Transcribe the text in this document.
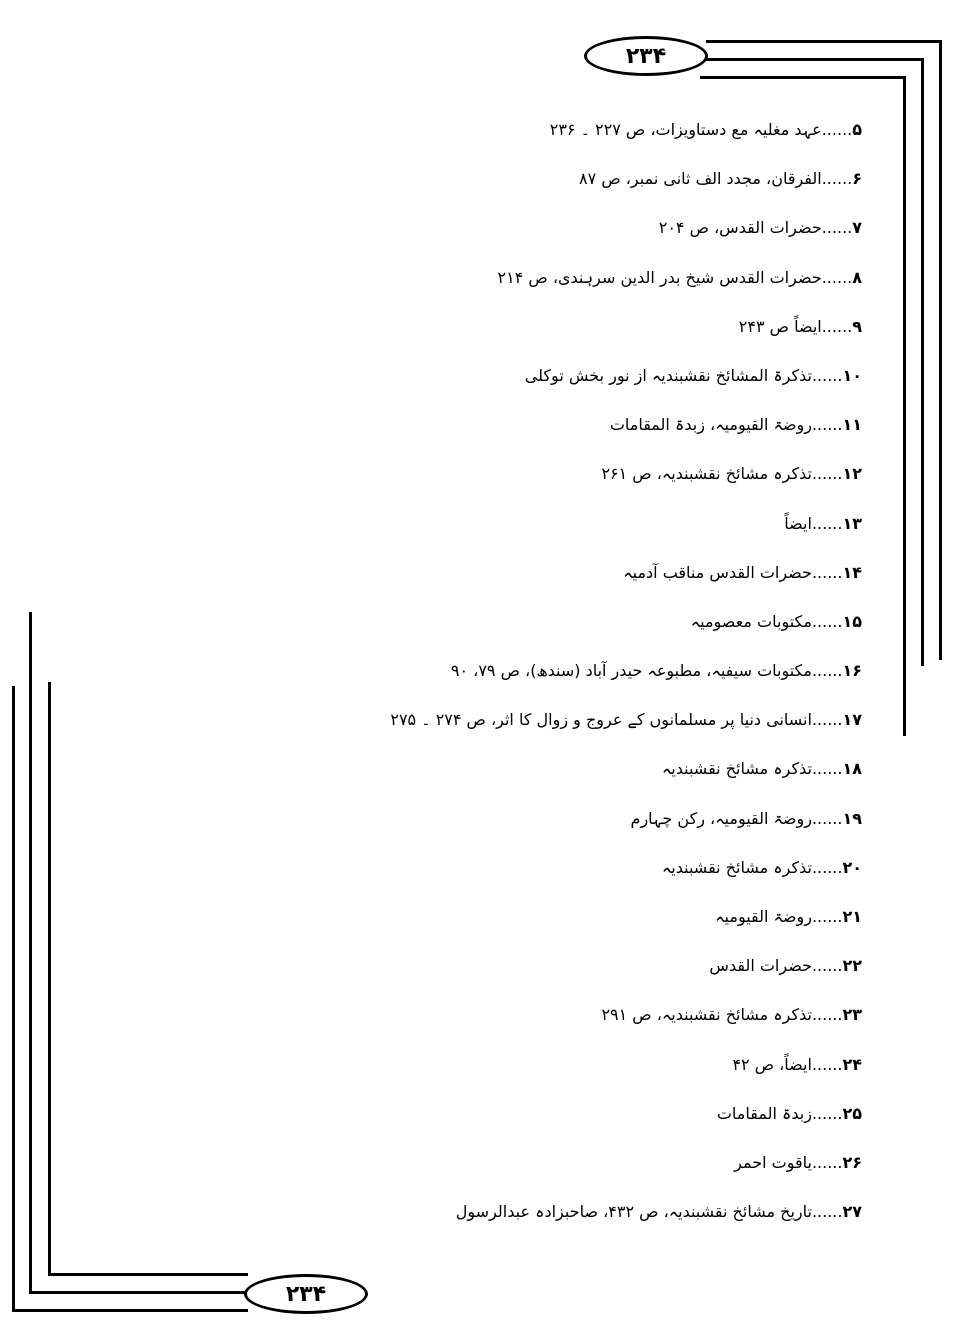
۲۳۴
۲۳۴
۵......عہد مغلیہ مع دستاویزات، ص ۲۲۷ ۔ ۲۳۶
۶......الفرقان، مجدد الف ثانی نمبر، ص ۸۷
۷......حضرات القدس، ص ۲۰۴
۸......حضرات القدس شیخ بدر الدین سرہندی، ص ۲۱۴
۹......ایضاً ص ۲۴۳
۱۰......تذکرۃ المشائخ نقشبندیہ از نور بخش توکلی
۱۱......روضۃ القیومیہ، زبدۃ المقامات
۱۲......تذکرہ مشائخ نقشبندیہ، ص ۲۶۱
۱۳......ایضاً
۱۴......حضرات القدس مناقب آدمیہ
۱۵......مکتوبات معصومیہ
۱۶......مکتوبات سیفیہ، مطبوعہ حیدر آباد (سندھ)، ص ۷۹، ۹۰
۱۷......انسانی دنیا پر مسلمانوں کے عروج و زوال کا اثر، ص ۲۷۴ ۔ ۲۷۵
۱۸......تذکرہ مشائخ نقشبندیہ
۱۹......روضۃ القیومیہ، رکن چہارم
۲۰......تذکرہ مشائخ نقشبندیہ
۲۱......روضۃ القیومیہ
۲۲......حضرات القدس
۲۳......تذکرہ مشائخ نقشبندیہ، ص ۲۹۱
۲۴......ایضاً، ص ۴۲
۲۵......زبدۃ المقامات
۲۶......یاقوت احمر
۲۷......تاریخ مشائخ نقشبندیہ، ص ۴۳۲، صاحبزادہ عبدالرسول
